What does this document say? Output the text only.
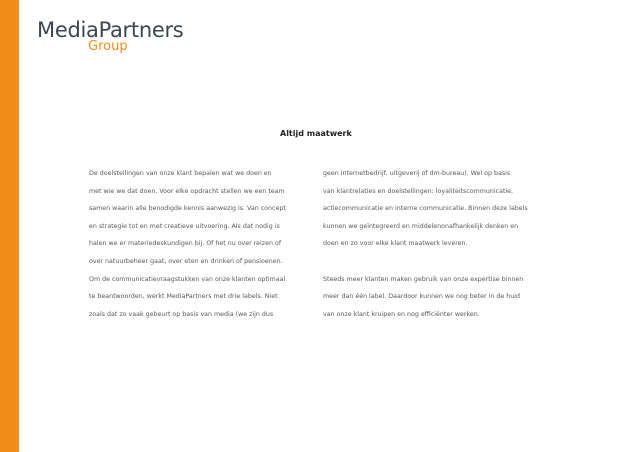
MediaPartners
Group
Altijd maatwerk
De doelstellingen van onze klant bepalen wat we doen en
met wie we dat doen. Voor elke opdracht stellen we een team
samen waarin alle benodigde kennis aanwezig is. Van concept
en strategie tot en met creatieve uitvoering. Als dat nodig is
halen we er materiedeskundigen bij. Of het nu over reizen of
over natuurbeheer gaat, over eten en drinken of pensioenen.
Om de communicatievraagstukken van onze klanten optimaal
te beantwoorden, werkt MediaPartners met drie labels. Niet
zoals dat zo vaak gebeurt op basis van media (we zijn dus
geen internetbedrijf, uitgeverij of dm-bureau). Wel op basis
van klantrelaties en doelstellingen: loyaliteitscommunicatie,
actiecommunicatie en interne communicatie. Binnen deze labels
kunnen we geïntegreerd en middelenonafhankelijk denken en
doen en zo voor elke klant maatwerk leveren.
Steeds meer klanten maken gebruik van onze expertise binnen
meer dan één label. Daardoor kunnen we nog beter in de huid
van onze klant kruipen en nog efficiënter werken.
